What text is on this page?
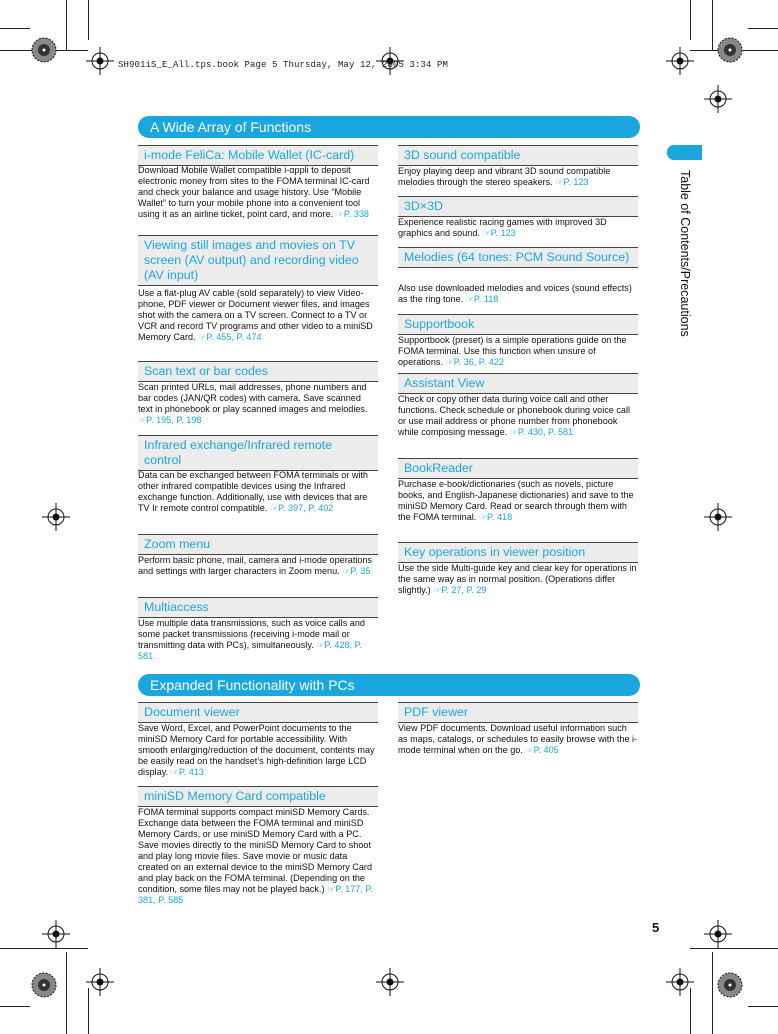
SH901iS_E_All.tps.book Page 5 Thursday, May 12, 2005 3:34 PM
Table of Contents/Precautions
A Wide Array of Functions
i-mode FeliCa: Mobile Wallet (IC-card)
Download Mobile Wallet compatible i-αppli to deposit electronic money from sites to the FOMA terminal IC-card and check your balance and usage history. Use “Mobile Wallet” to turn your mobile phone into a convenient tool using it as an airline ticket, point card, and more. ☞P. 338
Viewing still images and movies on TV screen (AV output) and recording video (AV input)
Use a flat-plug AV cable (sold separately) to view Video-phone, PDF viewer or Document viewer files, and images shot with the camera on a TV screen. Connect to a TV or VCR and record TV programs and other video to a miniSD Memory Card. ☞P. 455, P. 474
Scan text or bar codes
Scan printed URLs, mail addresses, phone numbers and bar codes (JAN/QR codes) with camera. Save scanned text in phonebook or play scanned images and melodies. ☞P. 195, P. 198
Infrared exchange/Infrared remote control
Data can be exchanged between FOMA terminals or with other infrared compatible devices using the Infrared exchange function. Additionally, use with devices that are TV Ir remote control compatible. ☞P. 397, P. 402
Zoom menu
Perform basic phone, mail, camera and i-mode operations and settings with larger characters in Zoom menu. ☞P. 35
Multiaccess
Use multiple data transmissions, such as voice calls and some packet transmissions (receiving i-mode mail or transmitting data with PCs), simultaneously. ☞P. 428, P. 581
3D sound compatible
Enjoy playing deep and vibrant 3D sound compatible melodies through the stereo speakers. ☞P. 123
3D×3D
Experience realistic racing games with improved 3D graphics and sound. ☞P. 123
Melodies (64 tones: PCM Sound Source)
Also use downloaded melodies and voices (sound effects) as the ring tone. ☞P. 118
Supportbook
Supportbook (preset) is a simple operations guide on the FOMA terminal. Use this function when unsure of operations. ☞P. 36, P. 422
Assistant View
Check or copy other data during voice call and other functions. Check schedule or phonebook during voice call or use mail address or phone number from phonebook while composing message. ☞P. 430, P. 581
BookReader
Purchase e-book/dictionaries (such as novels, picture books, and English-Japanese dictionaries) and save to the miniSD Memory Card. Read or search through them with the FOMA terminal. ☞P. 418
Key operations in viewer position
Use the side Multi-guide key and clear key for operations in the same way as in normal position. (Operations differ slightly.) ☞P. 27, P. 29
Expanded Functionality with PCs
Document viewer
Save Word, Excel, and PowerPoint documents to the miniSD Memory Card for portable accessibility. With smooth enlarging/reduction of the document, contents may be easily read on the handset’s high-definition large LCD display. ☞P. 413
miniSD Memory Card compatible
FOMA terminal supports compact miniSD Memory Cards. Exchange data between the FOMA terminal and miniSD Memory Cards, or use miniSD Memory Card with a PC. Save movies directly to the miniSD Memory Card to shoot and play long movie files. Save movie or music data created on an external device to the miniSD Memory Card and play back on the FOMA terminal. (Depending on the condition, some files may not be played back.) ☞P. 177, P. 381, P. 585
PDF viewer
View PDF documents. Download useful information such as maps, catalogs, or schedules to easily browse with the i-mode terminal when on the go. ☞P. 405
5
